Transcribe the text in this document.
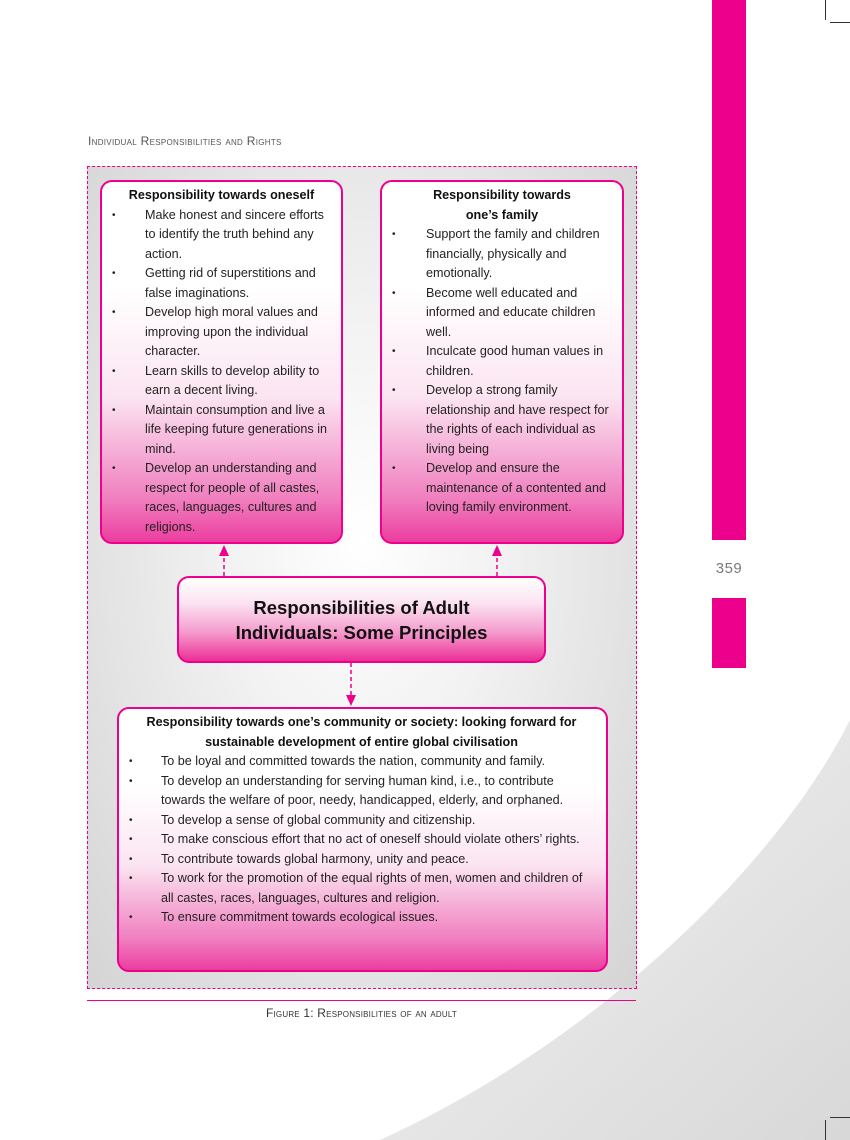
359
Individual Responsibilities and Rights
Responsibility towards oneself
• Make honest and sincere efforts to identify the truth behind any action.
• Getting rid of superstitions and false imaginations.
• Develop high moral values and improving upon the individual character.
• Learn skills to develop ability to earn a decent living.
• Maintain consumption and live a life keeping future generations in mind.
• Develop an understanding and respect for people of all castes, races, languages, cultures and religions.
Responsibility towards one’s family
• Support the family and children financially, physically and emotionally.
• Become well educated and informed and educate children well.
• Inculcate good human values in children.
• Develop a strong family relationship and have respect for the rights of each individual as living being
• Develop and ensure the maintenance of a contented and loving family environment.
Responsibilities of Adult
Individuals: Some Principles
Responsibility towards one’s community or society: looking forward for sustainable development of entire global civilisation
• To be loyal and committed towards the nation, community and family.
• To develop an understanding for serving human kind, i.e., to contribute towards the welfare of poor, needy, handicapped, elderly, and orphaned.
• To develop a sense of global community and citizenship.
• To make conscious effort that no act of oneself should violate others’ rights.
• To contribute towards global harmony, unity and peace.
• To work for the promotion of the equal rights of men, women and children of all castes, races, languages, cultures and religion.
• To ensure commitment towards ecological issues.
Figure 1: Responsibilities of an adult
